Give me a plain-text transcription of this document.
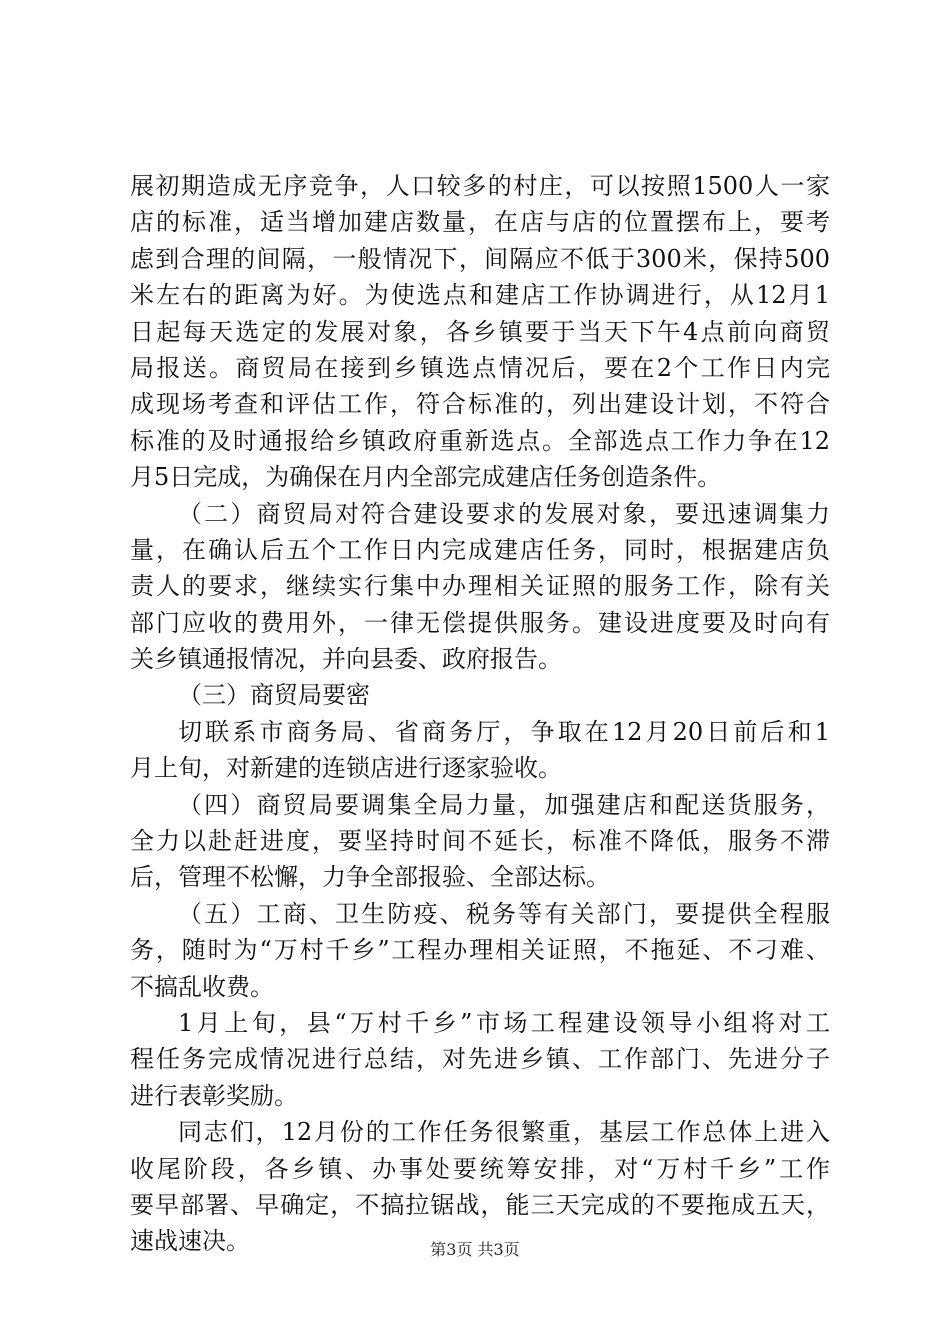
展初期造成无序竞争，人口较多的村庄，可以按照1500人一家
店的标准，适当增加建店数量，在店与店的位置摆布上，要考
虑到合理的间隔，一般情况下，间隔应不低于300米，保持500
米左右的距离为好。为使选点和建店工作协调进行，从12月1
日起每天选定的发展对象，各乡镇要于当天下午4点前向商贸
局报送。商贸局在接到乡镇选点情况后，要在2个工作日内完
成现场考查和评估工作，符合标准的，列出建设计划，不符合
标准的及时通报给乡镇政府重新选点。全部选点工作力争在12
月5日完成，为确保在月内全部完成建店任务创造条件。
（二）商贸局对符合建设要求的发展对象，要迅速调集力
量，在确认后五个工作日内完成建店任务，同时，根据建店负
责人的要求，继续实行集中办理相关证照的服务工作，除有关
部门应收的费用外，一律无偿提供服务。建设进度要及时向有
关乡镇通报情况，并向县委、政府报告。
（三）商贸局要密
切联系市商务局、省商务厅，争取在12月20日前后和1
月上旬，对新建的连锁店进行逐家验收。
（四）商贸局要调集全局力量，加强建店和配送货服务，
全力以赴赶进度，要坚持时间不延长，标准不降低，服务不滞
后，管理不松懈，力争全部报验、全部达标。
（五）工商、卫生防疫、税务等有关部门，要提供全程服
务，随时为“万村千乡”工程办理相关证照，不拖延、不刁难、
不搞乱收费。
1月上旬，县“万村千乡”市场工程建设领导小组将对工
程任务完成情况进行总结，对先进乡镇、工作部门、先进分子
进行表彰奖励。
同志们，12月份的工作任务很繁重，基层工作总体上进入
收尾阶段，各乡镇、办事处要统筹安排，对“万村千乡”工作
要早部署、早确定，不搞拉锯战，能三天完成的不要拖成五天，
速战速决。	第3页 共3页
